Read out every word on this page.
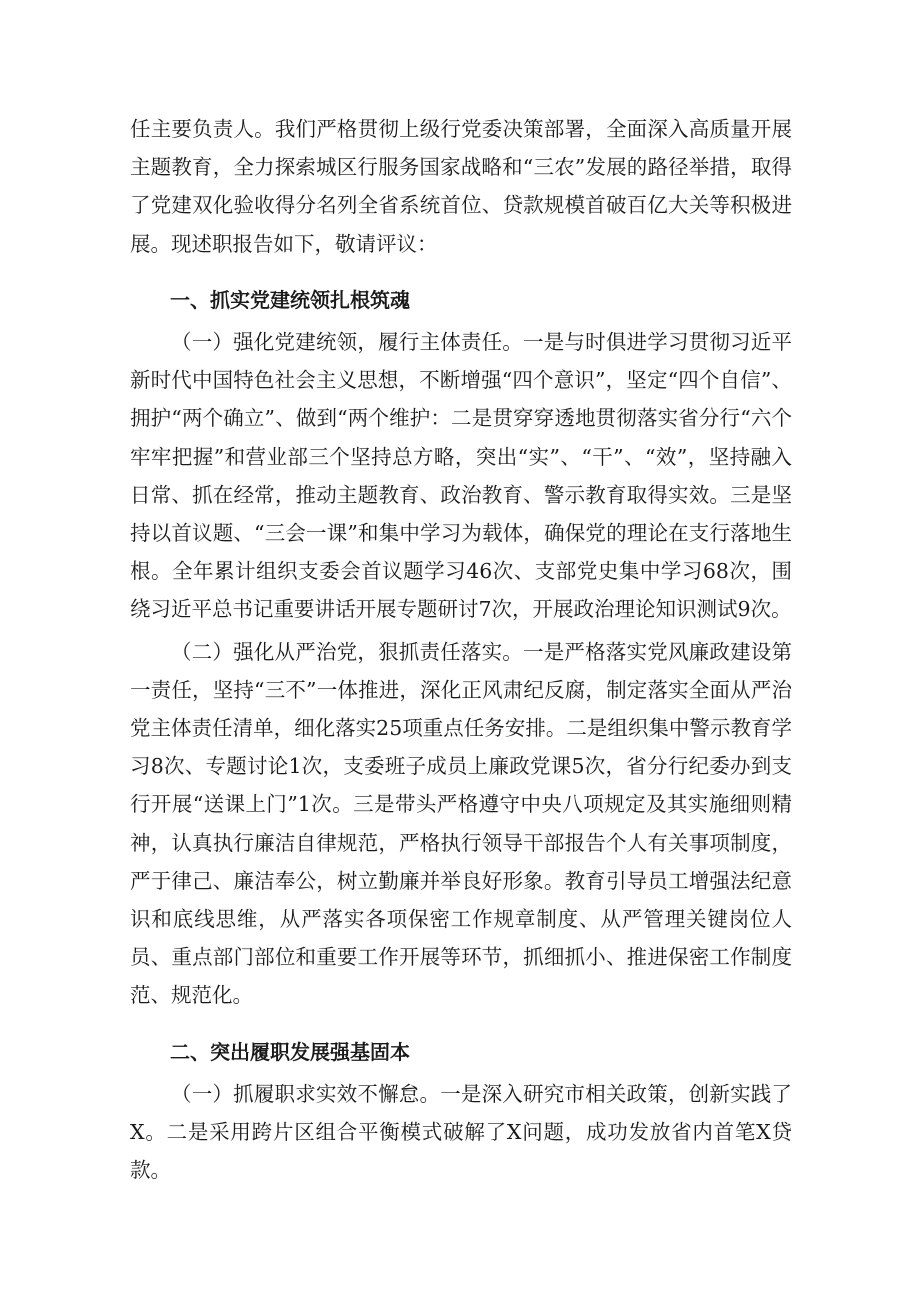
任主要负责人。我们严格贯彻上级行党委决策部署，全面深入高质量开展主题教育，全力探索城区行服务国家战略和“三农”发展的路径举措，取得了党建双化验收得分名列全省系统首位、贷款规模首破百亿大关等积极进展。现述职报告如下，敬请评议：

一、抓实党建统领扎根筑魂

（一）强化党建统领，履行主体责任。一是与时俱进学习贯彻习近平新时代中国特色社会主义思想，不断增强“四个意识”，坚定“四个自信”、拥护“两个确立”、做到“两个维护：二是贯穿穿透地贯彻落实省分行“六个牢牢把握”和营业部三个坚持总方略，突出“实”、“干”、“效”，坚持融入日常、抓在经常，推动主题教育、政治教育、警示教育取得实效。三是坚持以首议题、“三会一课”和集中学习为载体，确保党的理论在支行落地生根。全年累计组织支委会首议题学习46次、支部党史集中学习68次，围绕习近平总书记重要讲话开展专题研讨7次，开展政治理论知识测试9次。

（二）强化从严治党，狠抓责任落实。一是严格落实党风廉政建设第一责任，坚持“三不”一体推进，深化正风肃纪反腐，制定落实全面从严治党主体责任清单，细化落实25项重点任务安排。二是组织集中警示教育学习8次、专题讨论1次，支委班子成员上廉政党课5次，省分行纪委办到支行开展“送课上门”1次。三是带头严格遵守中央八项规定及其实施细则精神，认真执行廉洁自律规范，严格执行领导干部报告个人有关事项制度，严于律己、廉洁奉公，树立勤廉并举良好形象。教育引导员工增强法纪意识和底线思维，从严落实各项保密工作规章制度、从严管理关键岗位人员、重点部门部位和重要工作开展等环节，抓细抓小、推进保密工作制度范、规范化。

二、突出履职发展强基固本

（一）抓履职求实效不懈怠。一是深入研究市相关政策，创新实践了X。二是采用跨片区组合平衡模式破解了X问题，成功发放省内首笔X贷款。
